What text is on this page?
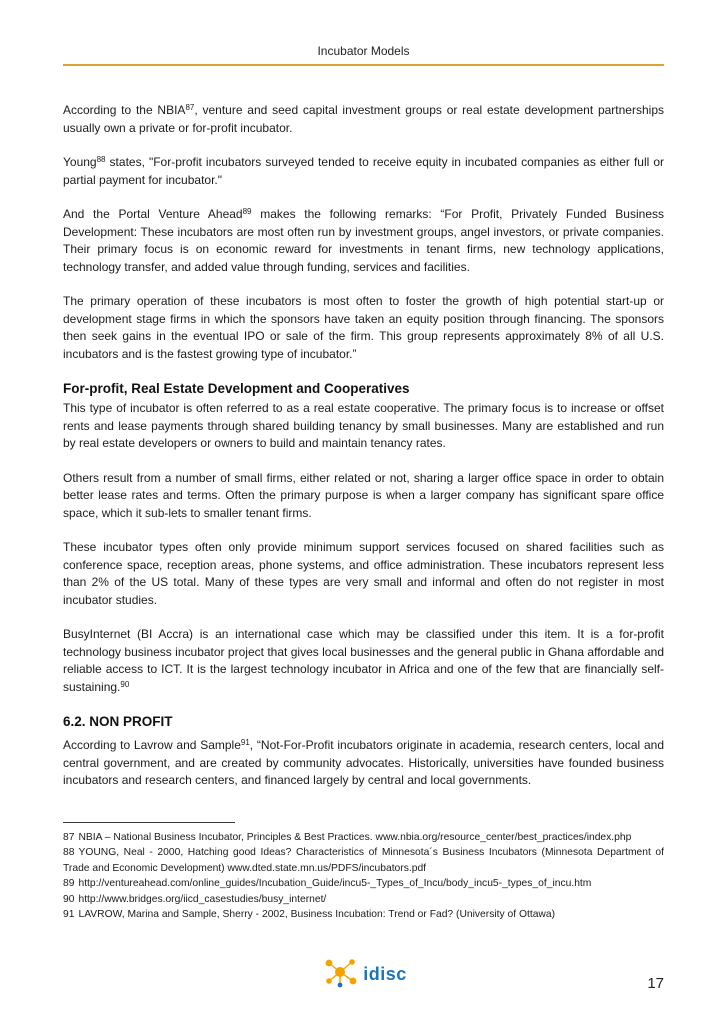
Incubator Models

According to the NBIA$^{87}$, venture and seed capital investment groups or real estate development partnerships usually own a private or for-profit incubator.

Young$^{88}$ states, "For-profit incubators surveyed tended to receive equity in incubated companies as either full or partial payment for incubator."

And the Portal Venture Ahead$^{89}$ makes the following remarks: “For Profit, Privately Funded Business Development: These incubators are most often run by investment groups, angel investors, or private companies. Their primary focus is on economic reward for investments in tenant firms, new technology applications, technology transfer, and added value through funding, services and facilities.

The primary operation of these incubators is most often to foster the growth of high potential start-up or development stage firms in which the sponsors have taken an equity position through financing. The sponsors then seek gains in the eventual IPO or sale of the firm. This group represents approximately 8% of all U.S. incubators and is the fastest growing type of incubator.”

For-profit, Real Estate Development and Cooperatives

This type of incubator is often referred to as a real estate cooperative. The primary focus is to increase or offset rents and lease payments through shared building tenancy by small businesses. Many are established and run by real estate developers or owners to build and maintain tenancy rates.

Others result from a number of small firms, either related or not, sharing a larger office space in order to obtain better lease rates and terms. Often the primary purpose is when a larger company has significant spare office space, which it sub-lets to smaller tenant firms.

These incubator types often only provide minimum support services focused on shared facilities such as conference space, reception areas, phone systems, and office administration. These incubators represent less than 2% of the US total. Many of these types are very small and informal and often do not register in most incubator studies.

BusyInternet (BI Accra) is an international case which may be classified under this item. It is a for-profit technology business incubator project that gives local businesses and the general public in Ghana affordable and reliable access to ICT. It is the largest technology incubator in Africa and one of the few that are financially self-sustaining.$^{90}$

6.2. NON PROFIT

According to Lavrow and Sample$^{91}$, “Not-For-Profit incubators originate in academia, research centers, local and central government, and are created by community advocates. Historically, universities have founded business incubators and research centers, and financed largely by central and local governments.

87 NBIA – National Business Incubator, Principles & Best Practices. www.nbia.org/resource_center/best_practices/index.php

88 YOUNG, Neal - 2000, Hatching good Ideas? Characteristics of Minnesota´s Business Incubators (Minnesota Department of Trade and Economic Development) www.dted.state.mn.us/PDFS/incubators.pdf

89 http://ventureahead.com/online_guides/Incubation_Guide/incu5-_Types_of_Incu/body_incu5-_types_of_incu.htm

90 http://www.bridges.org/iicd_casestudies/busy_internet/

91 LAVROW, Marina and Sample, Sherry - 2002, Business Incubation: Trend or Fad? (University of Ottawa)

idisc	17
